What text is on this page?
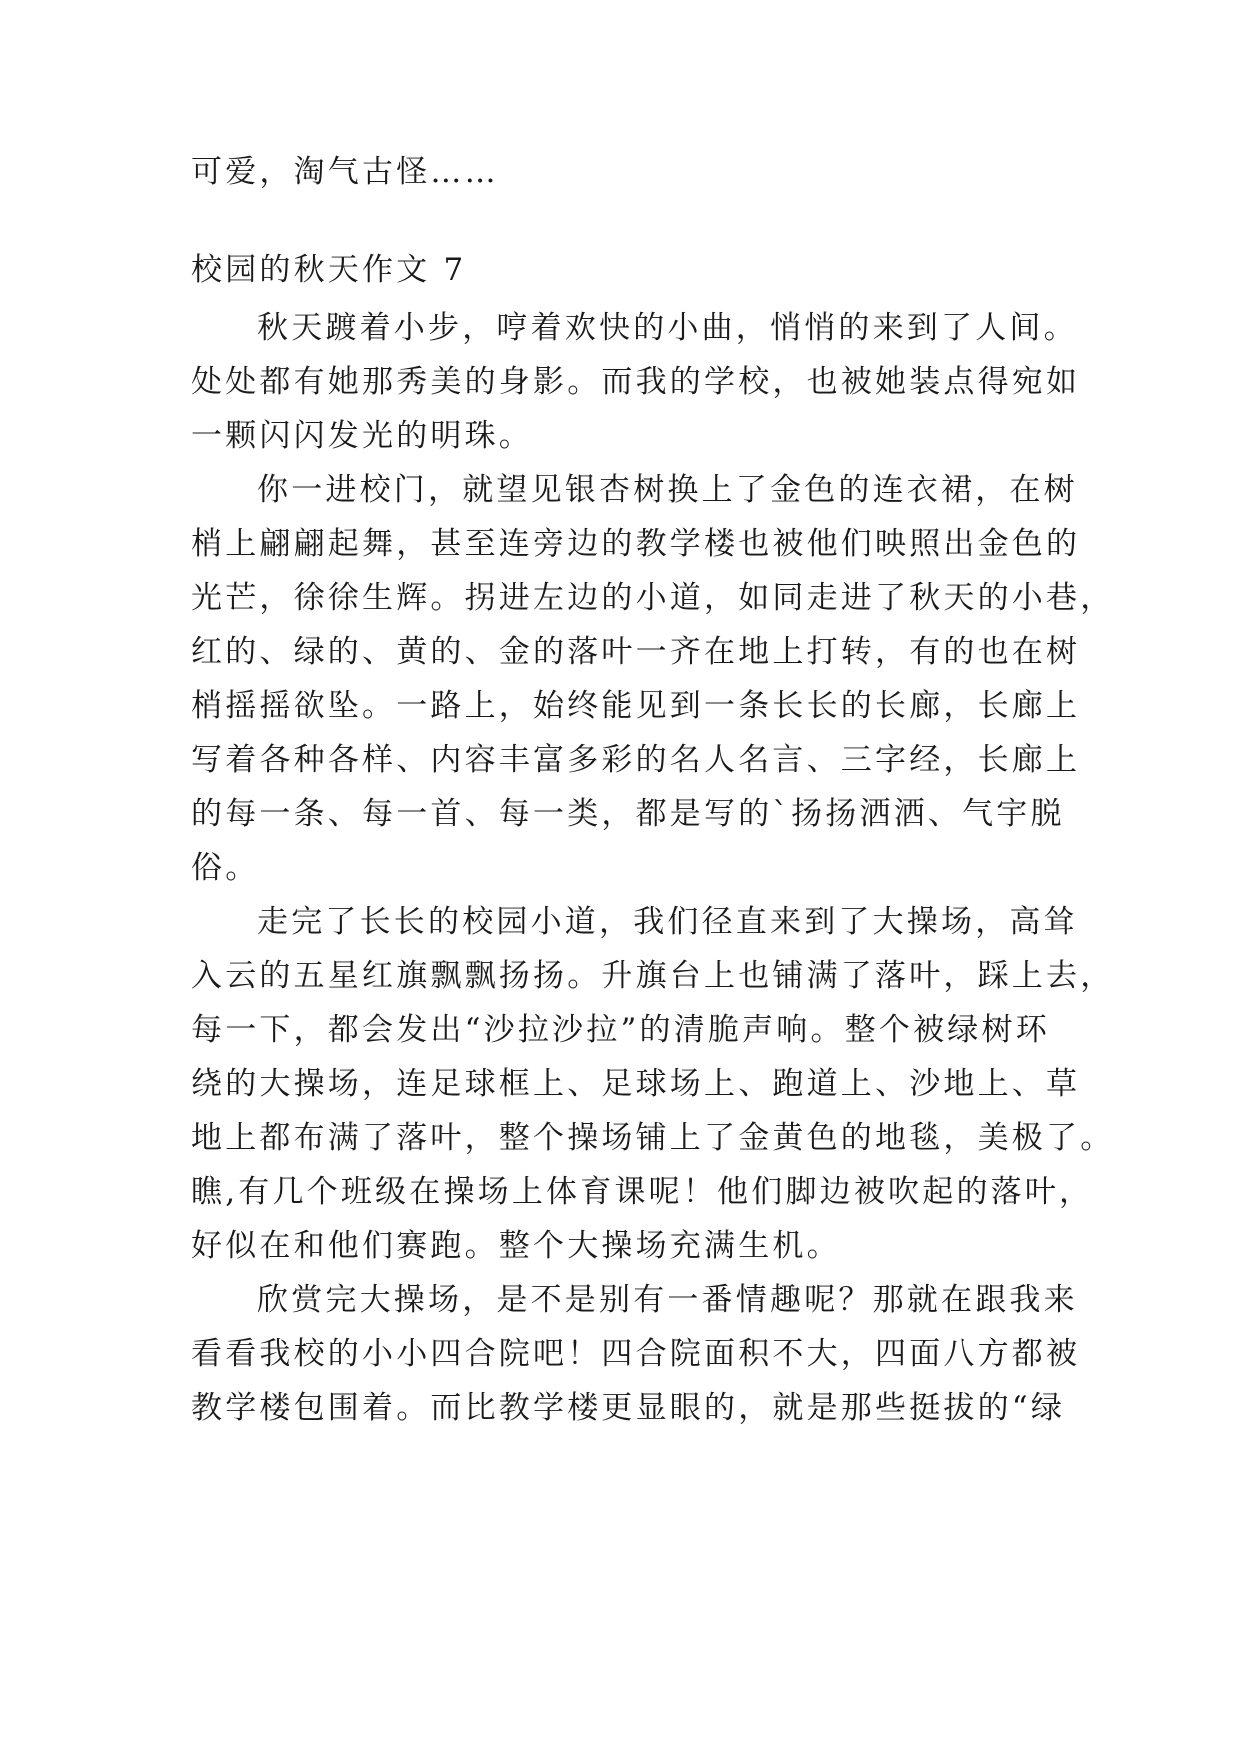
可爱，淘气古怪……
校园的秋天作文 7
秋天踱着小步，哼着欢快的小曲，悄悄的来到了人间。
处处都有她那秀美的身影。而我的学校，也被她装点得宛如
一颗闪闪发光的明珠。
你一进校门，就望见银杏树换上了金色的连衣裙，在树
梢上翩翩起舞，甚至连旁边的教学楼也被他们映照出金色的
光芒，徐徐生辉。拐进左边的小道，如同走进了秋天的小巷，
红的、绿的、黄的、金的落叶一齐在地上打转，有的也在树
梢摇摇欲坠。一路上，始终能见到一条长长的长廊，长廊上
写着各种各样、内容丰富多彩的名人名言、三字经，长廊上
的每一条、每一首、每一类，都是写的`扬扬洒洒、气宇脱
俗。
走完了长长的校园小道，我们径直来到了大操场，高耸
入云的五星红旗飘飘扬扬。升旗台上也铺满了落叶，踩上去，
每一下，都会发出“沙拉沙拉”的清脆声响。整个被绿树环
绕的大操场，连足球框上、足球场上、跑道上、沙地上、草
地上都布满了落叶，整个操场铺上了金黄色的地毯，美极了。
瞧,有几个班级在操场上体育课呢！他们脚边被吹起的落叶，
好似在和他们赛跑。整个大操场充满生机。
欣赏完大操场，是不是别有一番情趣呢？那就在跟我来
看看我校的小小四合院吧！四合院面积不大，四面八方都被
教学楼包围着。而比教学楼更显眼的，就是那些挺拔的“绿
